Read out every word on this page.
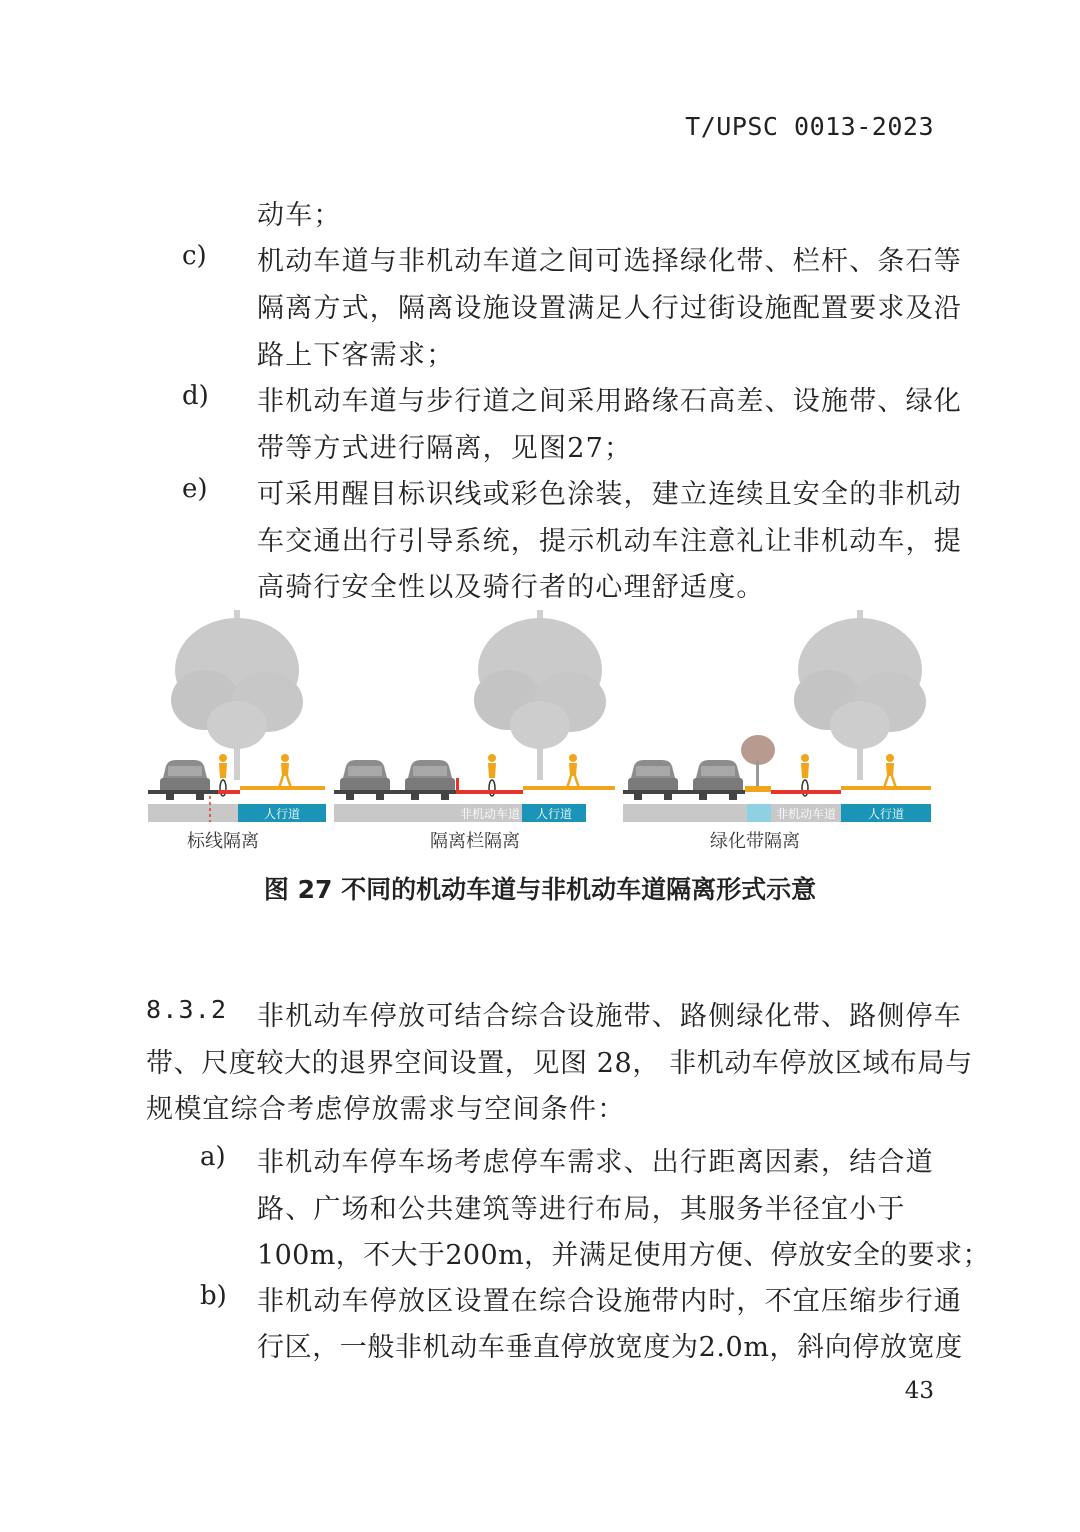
T/UPSC 0013-2023
动车；
c) 机动车道与非机动车道之间可选择绿化带、栏杆、条石等
隔离方式，隔离设施设置满足人行过街设施配置要求及沿
路上下客需求；
d) 非机动车道与步行道之间采用路缘石高差、设施带、绿化
带等方式进行隔离，见图27；
e) 可采用醒目标识线或彩色涂装，建立连续且安全的非机动
车交通出行引导系统，提示机动车注意礼让非机动车，提
高骑行安全性以及骑行者的心理舒适度。
人行道
标线隔离
非机动车道 人行道
隔离栏隔离
非机动车道	人行道
绿化带隔离
图 27 不同的机动车道与非机动车道隔离形式示意
8.3.2 非机动车停放可结合综合设施带、路侧绿化带、路侧停车
带、尺度较大的退界空间设置，见图 28， 非机动车停放区域布局与
规模宜综合考虑停放需求与空间条件：
a) 非机动车停车场考虑停车需求、出行距离因素，结合道
路、广场和公共建筑等进行布局，其服务半径宜小于
100m，不大于200m，并满足使用方便、停放安全的要求；
b) 非机动车停放区设置在综合设施带内时，不宜压缩步行通
行区，一般非机动车垂直停放宽度为2.0m，斜向停放宽度
43
